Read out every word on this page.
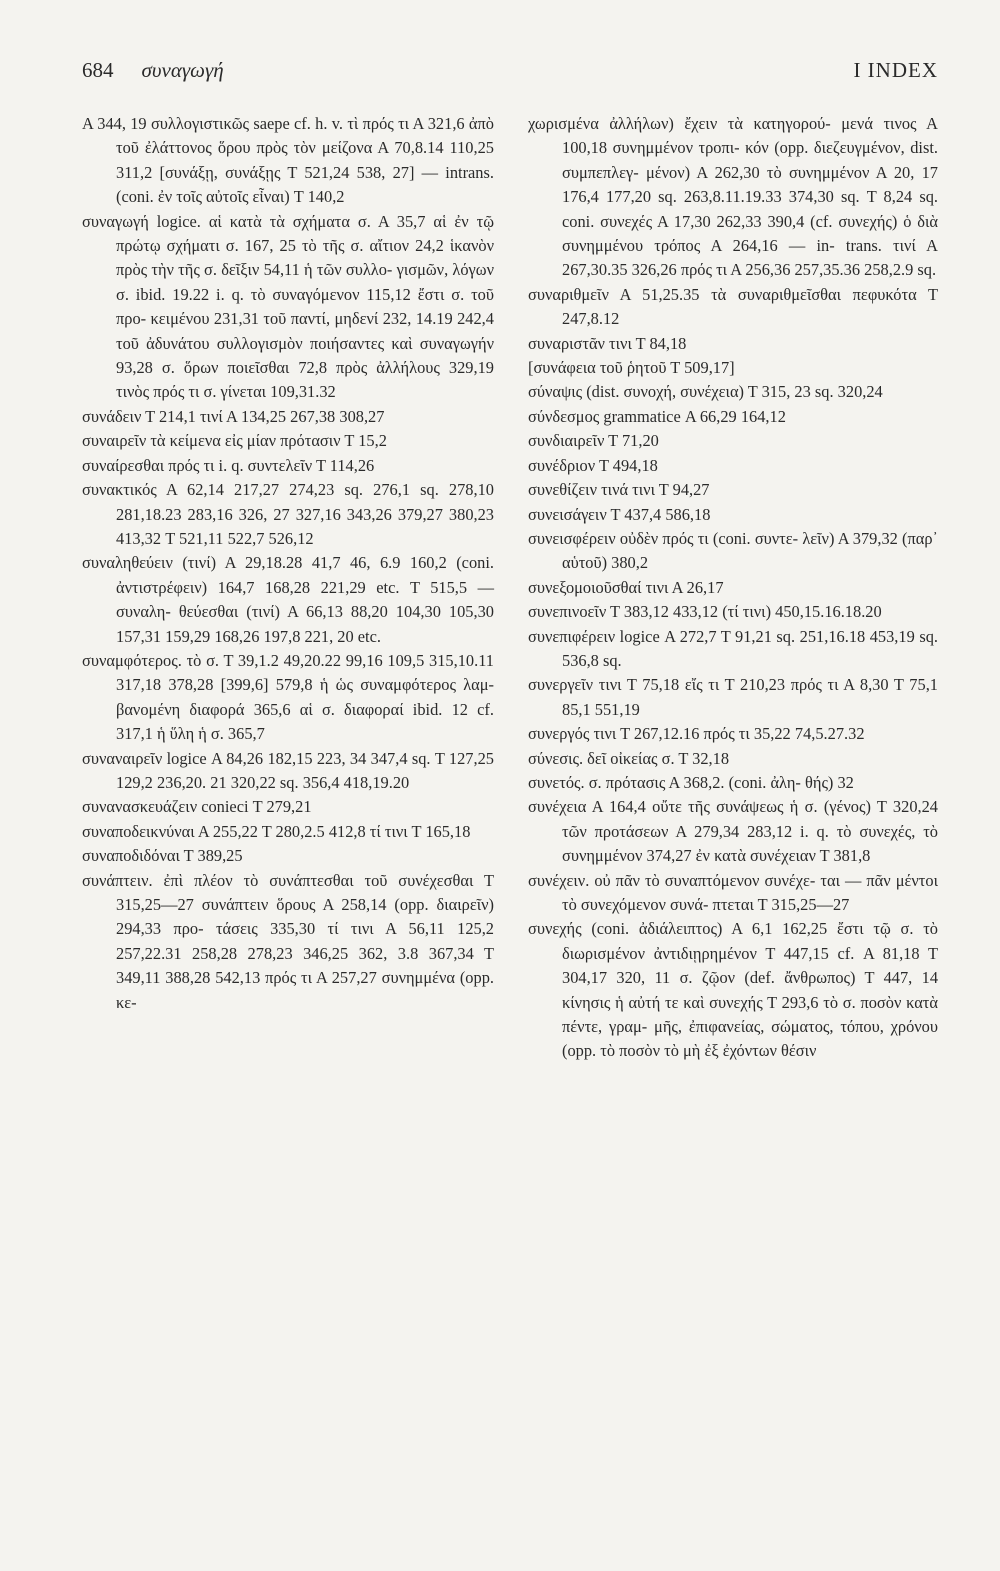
684 συναγωγή	I INDEX

Α 344, 19 συλλογιστικῶς saepe cf. h. v. τὶ πρός τι Α 321,6 ἀπὸ τοῦ ἐλάττονος ὅρου πρὸς τὸν μείζονα Α 70,8.14 110,25 311,2 [συνάξῃ, συνάξῃς Τ 521,24 538, 27] — intrans. (coni. ἐν τοῖς αὐτοῖς εἶναι) Τ 140,2

συναγωγή logice. αἱ κατὰ τὰ σχήματα σ. Α 35,7 αἱ ἐν τῷ πρώτῳ σχήματι σ. 167, 25 τὸ τῆς σ. αἴτιον 24,2 ἱκανὸν πρὸς τὴν τῆς σ. δεῖξιν 54,11 ἡ τῶν συλλο- γισμῶν, λόγων σ. ibid. 19.22 i. q. τὸ συναγόμενον 115,12 ἔστι σ. τοῦ προ- κειμένου 231,31 τοῦ παντί, μηδενί 232, 14.19 242,4 τοῦ ἀδυνάτου συλλογισμὸν ποιήσαντες καὶ συναγωγήν 93,28 σ. ὅρων ποιεῖσθαι 72,8 πρὸς ἀλλήλους 329,19 τινὸς πρός τι σ. γίνεται 109,31.32

συνάδειν Τ 214,1 τινί Α 134,25 267,38 308,27

συναιρεῖν τὰ κείμενα εἰς μίαν πρότασιν Τ 15,2

συναίρεσθαι πρός τι i. q. συντελεῖν Τ 114,26

συνακτικός Α 62,14 217,27 274,23 sq. 276,1 sq. 278,10 281,18.23 283,16 326, 27 327,16 343,26 379,27 380,23 413,32 Τ 521,11 522,7 526,12

συναληθεύειν (τινί) Α 29,18.28 41,7 46, 6.9 160,2 (coni. ἀντιστρέφειν) 164,7 168,28 221,29 etc. Τ 515,5 — συναλη- θεύεσθαι (τινί) Α 66,13 88,20 104,30 105,30 157,31 159,29 168,26 197,8 221, 20 etc.

συναμφότερος. τὸ σ. Τ 39,1.2 49,20.22 99,16 109,5 315,10.11 317,18 378,28 [399,6] 579,8 ἡ ὡς συναμφότερος λαμ- βανομένη διαφορά 365,6 αἱ σ. διαφοραί ibid. 12 cf. 317,1 ἡ ὕλη ἡ σ. 365,7

συναναιρεῖν logice Α 84,26 182,15 223, 34 347,4 sq. Τ 127,25 129,2 236,20. 21 320,22 sq. 356,4 418,19.20

συνανασκευάζειν conieci Τ 279,21

συναποδεικνύναι Α 255,22 Τ 280,2.5 412,8 τί τινι Τ 165,18

συναποδιδόναι Τ 389,25

συνάπτειν. ἐπὶ πλέον τὸ συνάπτεσθαι τοῦ συνέχεσθαι Τ 315,25—27 συνάπτειν ὅρους Α 258,14 (opp. διαιρεῖν) 294,33 προ- τάσεις 335,30 τί τινι Α 56,11 125,2 257,22.31 258,28 278,23 346,25 362, 3.8 367,34 Τ 349,11 388,28 542,13 πρός τι Α 257,27 συνημμένα (opp. κε-

χωρισμένα ἀλλήλων) ἔχειν τὰ κατηγορού- μενά τινος Α 100,18 συνημμένον τροπι- κόν (opp. διεζευγμένον, dist. συμπεπλεγ- μένον) Α 262,30 τὸ συνημμένον Α 20, 17 176,4 177,20 sq. 263,8.11.19.33 374,30 sq. Τ 8,24 sq. coni. συνεχές Α 17,30 262,33 390,4 (cf. συνεχής) ὁ διὰ συνημμένου τρόπος Α 264,16 — in- trans. τινί Α 267,30.35 326,26 πρός τι Α 256,36 257,35.36 258,2.9 sq.

συναριθμεῖν Α 51,25.35 τὰ συναριθμεῖσθαι πεφυκότα Τ 247,8.12

συναριστᾶν τινι Τ 84,18

[συνάφεια τοῦ ῥητοῦ Τ 509,17]

σύναψις (dist. συνοχή, συνέχεια) Τ 315, 23 sq. 320,24

σύνδεσμος grammatice Α 66,29 164,12

συνδιαιρεῖν Τ 71,20

συνέδριον Τ 494,18

συνεθίζειν τινά τινι Τ 94,27

συνεισάγειν Τ 437,4 586,18

συνεισφέρειν οὐδὲν πρός τι (coni. συντε- λεῖν) Α 379,32 (παρ᾽ αὑτοῦ) 380,2

συνεξομοιοῦσθαί τινι Α 26,17

συνεπινοεῖν Τ 383,12 433,12 (τί τινι) 450,15.16.18.20

συνεπιφέρειν logice Α 272,7 Τ 91,21 sq. 251,16.18 453,19 sq. 536,8 sq.

συνεργεῖν τινι Τ 75,18 εἴς τι Τ 210,23 πρός τι Α 8,30 Τ 75,1 85,1 551,19

συνεργός τινι Τ 267,12.16 πρός τι 35,22 74,5.27.32

σύνεσις. δεῖ οἰκείας σ. Τ 32,18

συνετός. σ. πρότασις Α 368,2. (coni. ἀλη- θής) 32

συνέχεια Α 164,4 οὔτε τῆς συνάψεως ἡ σ. (γένος) Τ 320,24 τῶν προτάσεων Α 279,34 283,12 i. q. τὸ συνεχές, τὸ συνημμένον 374,27 ἐν κατὰ συνέχειαν Τ 381,8

συνέχειν. οὐ πᾶν τὸ συναπτόμενον συνέχε- ται — πᾶν μέντοι τὸ συνεχόμενον συνά- πτεται Τ 315,25—27

συνεχής (coni. ἀδιάλειπτος) Α 6,1 162,25 ἔστι τῷ σ. τὸ διωρισμένον ἀντιδιῃρημένον Τ 447,15 cf. Α 81,18 Τ 304,17 320, 11 σ. ζῷον (def. ἄνθρωπος) Τ 447, 14 κίνησις ἡ αὐτή τε καὶ συνεχής Τ 293,6 τὸ σ. ποσὸν κατὰ πέντε, γραμ- μῆς, ἐπιφανείας, σώματος, τόπου, χρόνου (opp. τὸ ποσὸν τὸ μὴ ἐξ ἐχόντων θέσιν
